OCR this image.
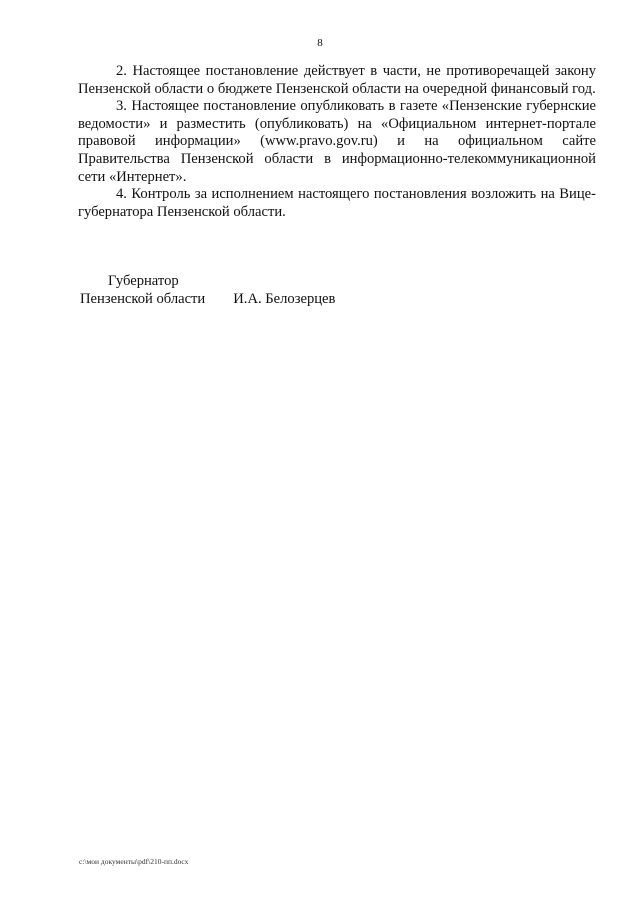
8

2. Настоящее постановление действует в части, не противоречащей закону Пензенской области о бюджете Пензенской области на очередной финансовый год.

3. Настоящее постановление опубликовать в газете «Пензенские губернские ведомости» и разместить (опубликовать) на «Официальном интернет-портале правовой информации» (www.pravo.gov.ru) и на официальном сайте Правительства Пензенской области в информационно-телекоммуникационной сети «Интернет».

4. Контроль за исполнением настоящего постановления возложить на Вице-губернатора Пензенской области.

Губернатор
Пензенской области И.А. Белозерцев
c:\мои документы\pdf\210-пп.docx
